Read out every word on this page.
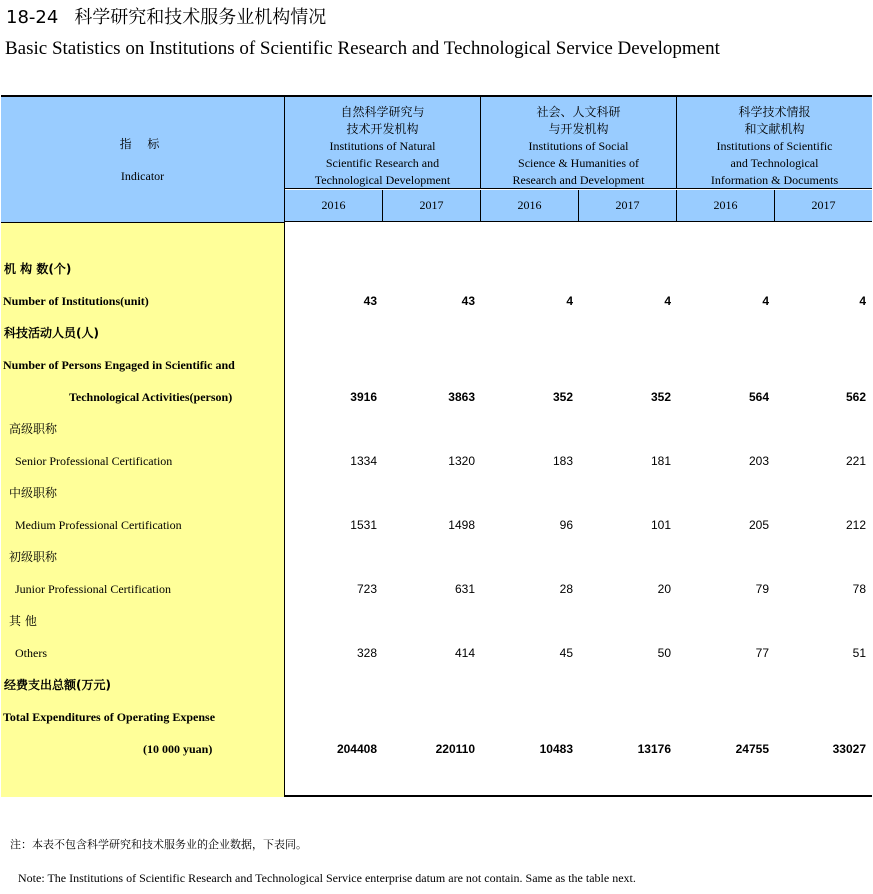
18-24 科学研究和技术服务业机构情况
Basic Statistics on Institutions of Scientific Research and Technological Service Development
指 标
Indicator
自然科学研究与
技术开发机构
Institutions of Natural
Scientific Research and
Technological Development
社会、人文科研
与开发机构
Institutions of Social
Science & Humanities of
Research and Development
科学技术情报
和文献机构
Institutions of Scientific
and Technological
Information & Documents
2016	2017	2016	2017	2016	2017
机 构 数(个)
Number of Institutions(unit)	43	43	4	4	4	4
科技活动人员(人)
Number of Persons Engaged in Scientific and
Technological Activities(person)	3916	3863	352	352	564	562
高级职称
Senior Professional Certification	1334	1320	183	181	203	221
中级职称
Medium Professional Certification	1531	1498	96	101	205	212
初级职称
Junior Professional Certification	723	631	28	20	79	78
其 他
Others	328	414	45	50	77	51
经费支出总额(万元)
Total Expenditures of Operating Expense
(10 000 yuan)	204408	220110	10483	13176	24755	33027
注：本表不包含科学研究和技术服务业的企业数据，下表同。
Note: The Institutions of Scientific Research and Technological Service enterprise datum are not contain. Same as the table next.
